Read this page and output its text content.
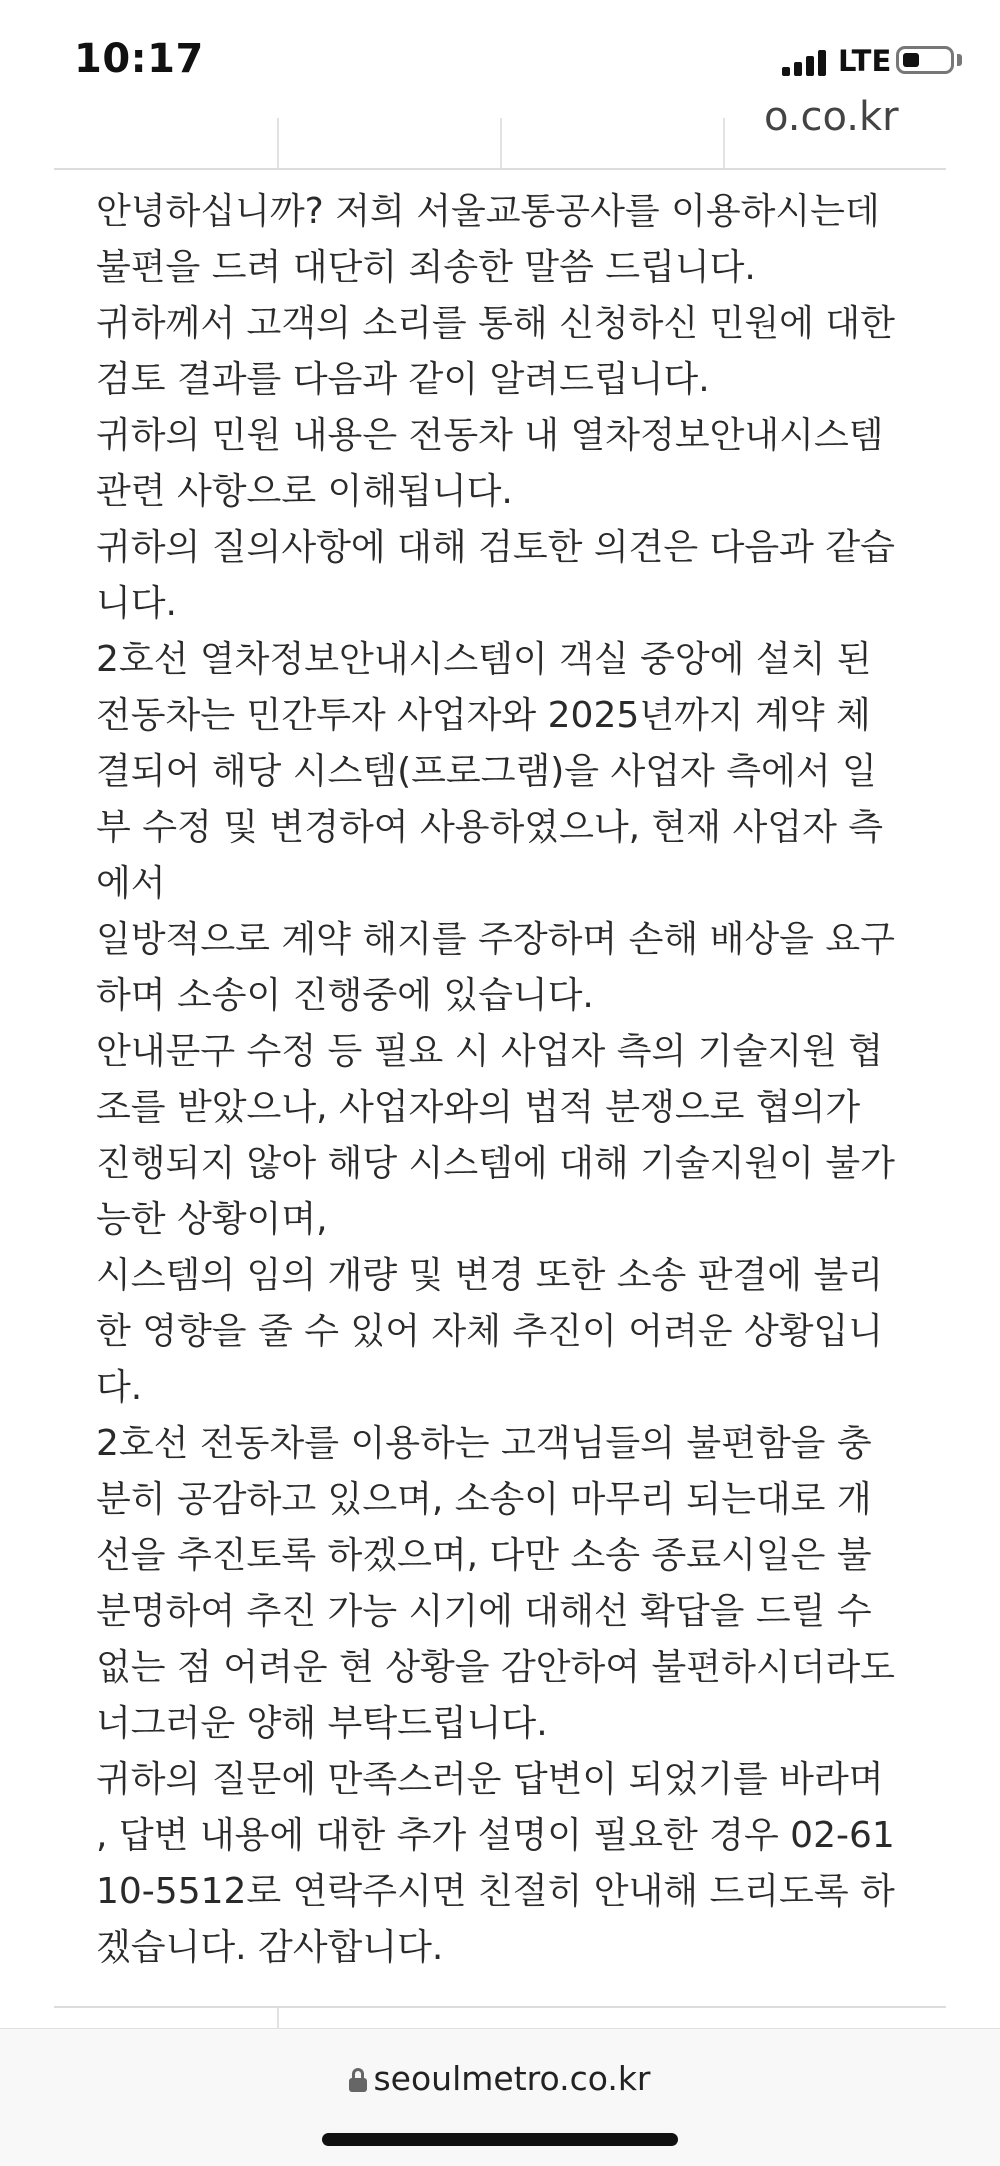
10:17	LTE
o.co.kr
안녕하십니까? 저희 서울교통공사를 이용하시는데
불편을 드려 대단히 죄송한 말씀 드립니다.
귀하께서 고객의 소리를 통해 신청하신 민원에 대한
검토 결과를 다음과 같이 알려드립니다.
귀하의 민원 내용은 전동차 내 열차정보안내시스템
관련 사항으로 이해됩니다.
귀하의 질의사항에 대해 검토한 의견은 다음과 같습
니다.
2호선 열차정보안내시스템이 객실 중앙에 설치 된
전동차는 민간투자 사업자와 2025년까지 계약 체
결되어 해당 시스템(프로그램)을 사업자 측에서 일
부 수정 및 변경하여 사용하였으나, 현재 사업자 측
에서
일방적으로 계약 해지를 주장하며 손해 배상을 요구
하며 소송이 진행중에 있습니다.
안내문구 수정 등 필요 시 사업자 측의 기술지원 협
조를 받았으나, 사업자와의 법적 분쟁으로 협의가
진행되지 않아 해당 시스템에 대해 기술지원이 불가
능한 상황이며,
시스템의 임의 개량 및 변경 또한 소송 판결에 불리
한 영향을 줄 수 있어 자체 추진이 어려운 상황입니
다.
2호선 전동차를 이용하는 고객님들의 불편함을 충
분히 공감하고 있으며, 소송이 마무리 되는대로 개
선을 추진토록 하겠으며, 다만 소송 종료시일은 불
분명하여 추진 가능 시기에 대해선 확답을 드릴 수
없는 점 어려운 현 상황을 감안하여 불편하시더라도
너그러운 양해 부탁드립니다.
귀하의 질문에 만족스러운 답변이 되었기를 바라며
, 답변 내용에 대한 추가 설명이 필요한 경우 02-61
10-5512로 연락주시면 친절히 안내해 드리도록 하
겠습니다. 감사합니다.
seoulmetro.co.kr
